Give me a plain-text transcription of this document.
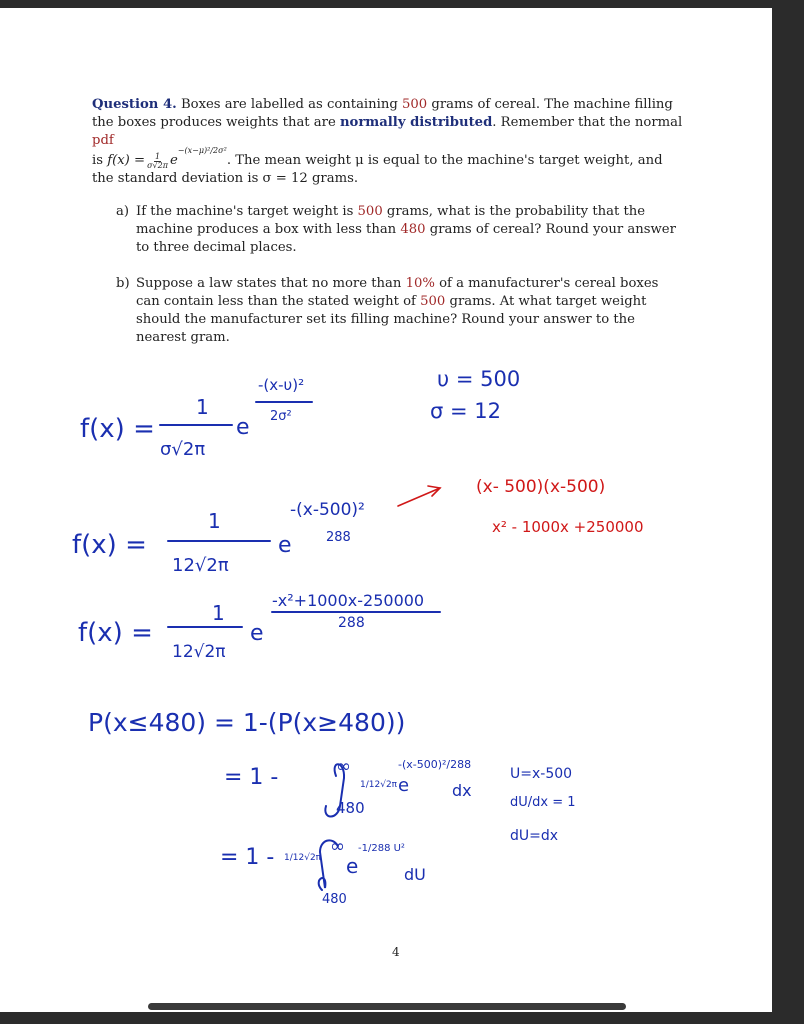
Question 4. Boxes are labelled as containing 500 grams of cereal. The machine filling the boxes produces weights that are normally distributed. Remember that the normal pdf

is $f(x) = \frac{1}{\sigma√2\pi}$ e
−(x−μ)²/2σ²
. The mean weight μ is equal to the machine's target weight, and the standard deviation is σ = 12 grams.

a) If the machine's target weight is 500 grams, what is the probability that the machine produces a box with less than 480 grams of cereal? Round your answer to three decimal places.
b) Suppose a law states that no more than 10% of a manufacturer's cereal boxes can contain less than the stated weight of 500 grams. At what target weight should the manufacturer set its filling machine? Round your answer to the nearest gram.
f(x) =
1
σ√2π
e
-(x-υ)²
2σ²
υ = 500
σ = 12
f(x) =
1
12√2π
e
-(x-500)²
288
f(x) =
1
12√2π
e
-x²+1000x-250000
288
P(x≤480) = 1-(P(x≥480))
= 1 -	∞
480
1/12√2π e
-(x-500)²/288
dx
U=x-500
dU/dx = 1
dU=dx
= 1 - 1/12√2π
∞
480
e
-1/288 U²
dU
(x- 500)(x-500)
x² - 1000x +250000
4
